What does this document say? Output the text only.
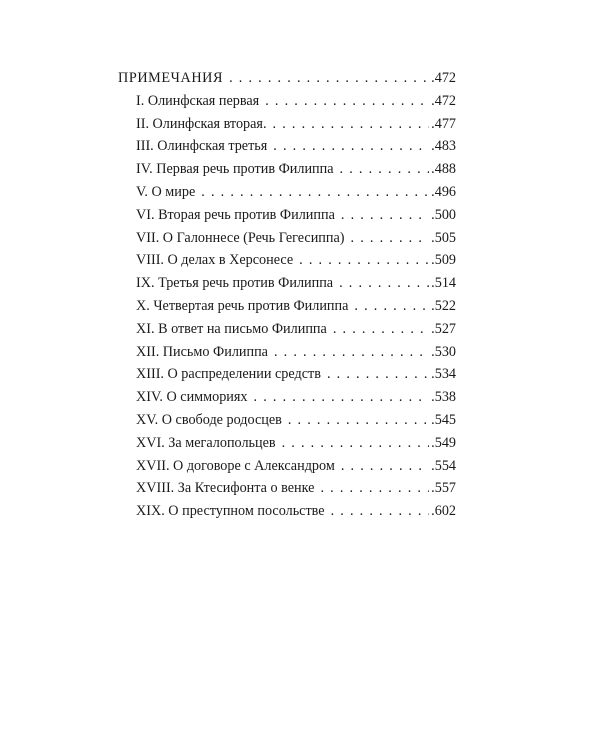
ПРИМЕЧАНИЯ . . .	.472
I. Олинфская первая . . .	.472
II. Олинфская вторая. . . .	.477
III. Олинфская третья . . .	.483
IV. Первая речь против Филиппа . . .	.488
V. О мире . . .	.496
VI. Вторая речь против Филиппа . . .	.500
VII. О Галоннесе (Речь Гегесиппа) . . .	.505
VIII. О делах в Херсонесе . . .	.509
IX. Третья речь против Филиппа . . .	.514
X. Четвертая речь против Филиппа . . .	.522
XI. В ответ на письмо Филиппа . . .	.527
XII. Письмо Филиппа . . .	.530
XIII. О распределении средств . . .	.534
XIV. О симмориях . . .	.538
XV. О свободе родосцев . . .	.545
XVI. За мегалопольцев . . .	.549
XVII. О договоре с Александром . . .	.554
XVIII. За Ктесифонта о венке . . .	.557
XIX. О преступном посольстве . . .	.602
